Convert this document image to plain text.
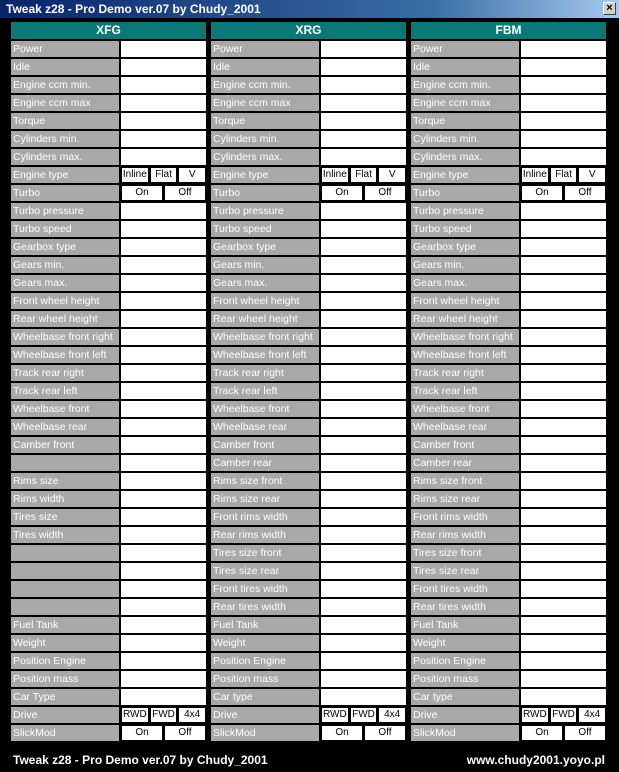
Tweak z28 - Pro Demo ver.07 by Chudy_2001	×
XFG
Power
Idle
Engine ccm min.
Engine ccm max
Torque
Cylinders min.
Cylinders max.
Engine type	Inline Flat	V
Turbo	On	Off
Turbo pressure
Turbo speed
Gearbox type
Gears min.
Gears max.
Front wheel height
Rear wheel height
Wheelbase front right
Wheelbase front left
Track rear right
Track rear left
Wheelbase front
Wheelbase rear
Camber front
Rims size
Rims width
Tires size
Tires width
Fuel Tank
Weight
Position Engine
Position mass
Car Type
Drive	RWD FWD 4x4
SlickMod	On	Off
XRG
Power
Idle
Engine ccm min.
Engine ccm max
Torque
Cylinders min.
Cylinders max.
Engine type	Inline Flat	V
Turbo	On	Off
Turbo pressure
Turbo speed
Gearbox type
Gears min.
Gears max.
Front wheel height
Rear wheel height
Wheelbase front right
Wheelbase front left
Track rear right
Track rear left
Wheelbase front
Wheelbase rear
Camber front
Camber rear
Rims size front
Rims size rear
Front rims width
Rear rims width
Tires size front
Tires size rear
Front tires width
Rear tires width
Fuel Tank
Weight
Position Engine
Position mass
Car type
Drive	RWD FWD 4x4
SlickMod	On	Off
FBM
Power
Idle
Engine ccm min.
Engine ccm max
Torque
Cylinders min.
Cylinders max.
Engine type	Inline Flat	V
Turbo	On	Off
Turbo pressure
Turbo speed
Gearbox type
Gears min.
Gears max.
Front wheel height
Rear wheel height
Wheelbase front right
Wheelbase front left
Track rear right
Track rear left
Wheelbase front
Wheelbase rear
Camber front
Camber rear
Rims size front
Rims size rear
Front rims width
Rear rims width
Tires size front
Tires size rear
Front tires width
Rear tires width
Fuel Tank
Weight
Position Engine
Position mass
Car type
Drive	RWD FWD 4x4
SlickMod	On	Off
Tweak z28 - Pro Demo ver.07 by Chudy_2001	www.chudy2001.yoyo.pl
